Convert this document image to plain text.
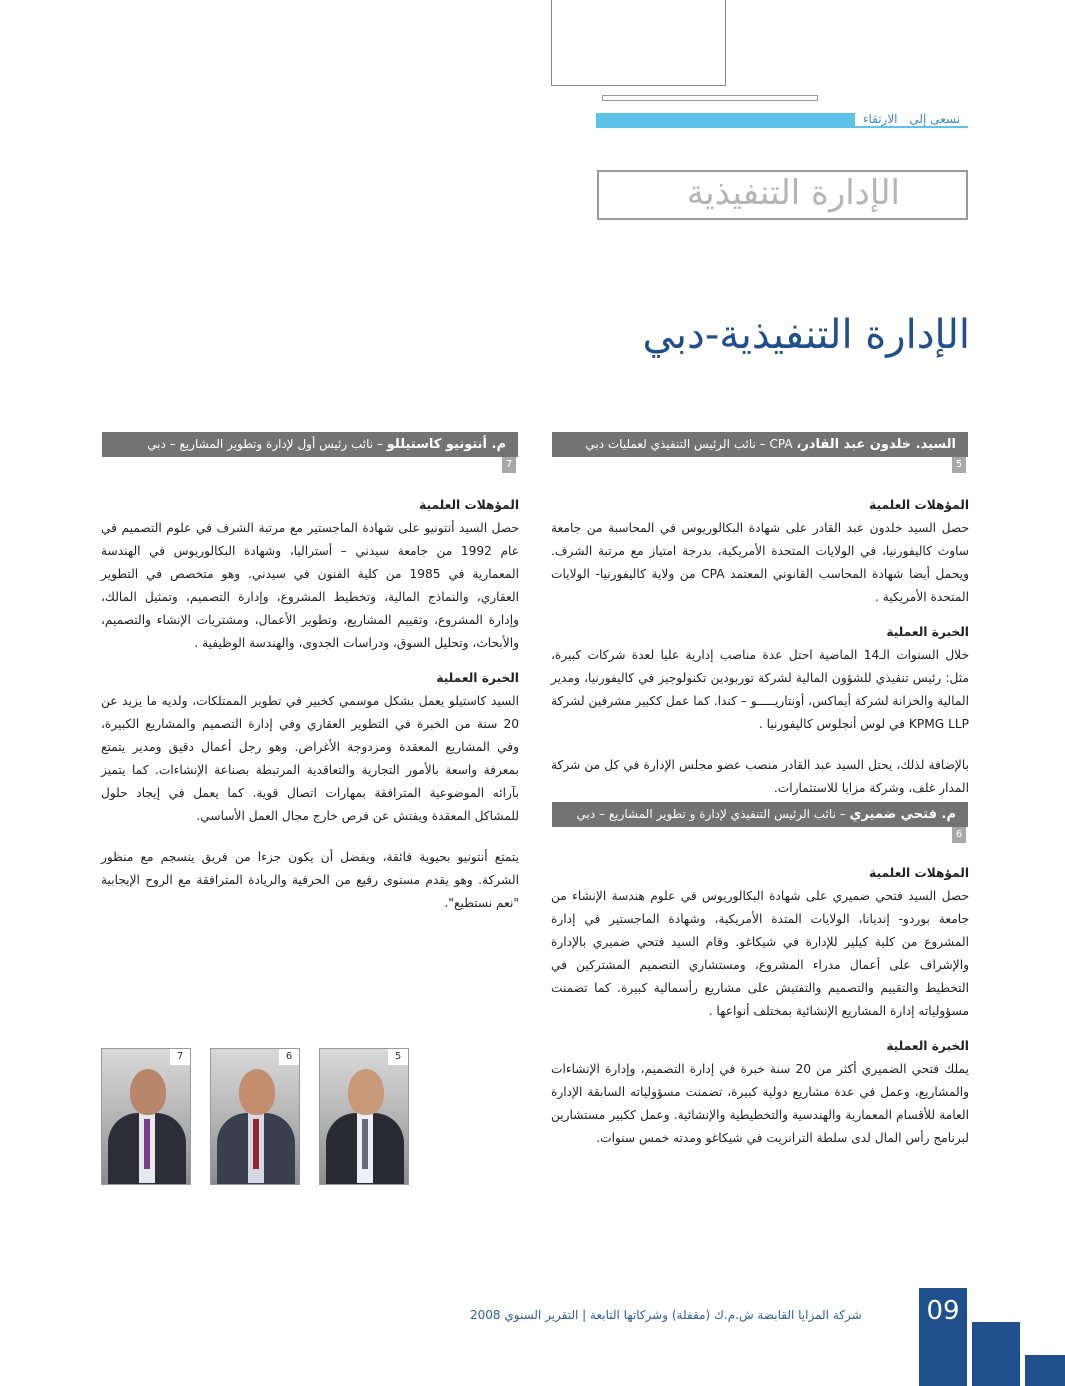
نسعى إلى الارتقاء
الإدارة التنفيذية
الإدارة التنفيذية-دبي
السيد. خلدون عبد القادر، CPA – نائب الرئيس التنفيذي لعمليات دبي
5
المؤهلات العلمية

حصل السيد خلدون عبد القادر على شهادة البكالوريوس في المحاسبة من جامعة ساوث كاليفورنيا، في الولايات المتحدة الأمريكية، بدرجة امتياز مع مرتبة الشرف. ويحمل أيضا شهادة المحاسب القانوني المعتمد CPA من ولاية كاليفورنيا- الولايات المتحدة الأمريكية .

الخبرة العملية

خلال السنوات الـ14 الماضية احتل عدة مناصب إدارية عليا لعدة شركات كبيرة، مثل: رئيس تنفيذي للشؤون المالية لشركة توربودين تكنولوجيز في كاليفورنيا، ومدير المالية والخزانة لشركة أيماكس، أونتاريـــــو – كندا. كما عمل ككبير مشرفين لشركة KPMG LLP في لوس أنجلوس كاليفورنيا .

بالإضافة لذلك، يحتل السيد عبد القادر منصب عضو مجلس الإدارة في كل من شركة المدار غلف، وشركة مزايا للاستثمارات.

م. فتحي ضميري – نائب الرئيس التنفيذي لإدارة و تطوير المشاريع – دبي
6
المؤهلات العلمية

حصل السيد فتحي ضميري على شهادة البكالوريوس في علوم هندسة الإنشاء من جامعة بوردو- إنديانا، الولايات المتدة الأمريكية، وشهادة الماجستير في إدارة المشروع من كلية كيلير للإدارة في شيكاغو. وقام السيد فتحي ضميري بالإدارة والإشراف على أعمال مدراء المشروع، ومستشاري التصميم المشتركين في التخطيط والتقييم والتصميم والتفتيش على مشاريع رأسمالية كبيرة. كما تضمنت مسؤولياته إدارة المشاريع الإنشائية بمختلف أنواعها .

الخبرة العملية

يملك فتحي الضميري أكثر من 20 سنة خبرة في إدارة التصميم، وإدارة الإنشاءات والمشاريع، وعمل في عدة مشاريع دولية كبيرة، تضمنت مسؤولياته السابقة الإدارة العامة للأقسام المعمارية والهندسية والتخطيطية والإنشائية. وعمل ككبير مستشارين لبرنامج رأس المال لدى سلطة الترانزيت في شيكاغو ومدته خمس سنوات.

م. أنتونيو كاستيللو – نائب رئيس أول لإدارة وتطوير المشاريع – دبي
7
المؤهلات العلمية

حصل السيد أنتونيو على شهادة الماجستير مع مرتبة الشرف في علوم التصميم في عام 1992 من جامعة سيدني – أستراليا، وشهادة البكالوريوس في الهندسة المعمارية في 1985 من كلية الفنون في سيدني. وهو متخصص في التطوير العقاري، والنماذج المالية، وتخطيط المشروع، وإدارة التصميم، وتمثيل المالك، وإدارة المشروع، وتقييم المشاريع، وتطوير الأعمال، ومشتريات الإنشاء والتصميم، والأبحاث، وتحليل السوق، ودراسات الجدوى، والهندسة الوظيفية .

الخبرة العملية

السيد كاستيلو يعمل بشكل موسمي كخبير في تطوير الممتلكات، ولديه ما يزيد عن 20 سنة من الخبرة في التطوير العقاري وفي إدارة التصميم والمشاريع الكبيرة، وفي المشاريع المعقدة ومزدوجة الأغراض. وهو رجل أعمال دقيق ومدير يتمتع بمعرفة واسعة بالأمور التجارية والتعاقدية المرتبطة بصناعة الإنشاءات. كما يتميز بآرائه الموضوعية المترافقة بمهارات اتصال قوية. كما يعمل في إيجاد حلول للمشاكل المعقدة ويفتش عن فرص خارج مجال العمل الأساسي.

يتمتع أنتونيو بحيوية فائقة، ويفضل أن يكون جزءا من فريق ينسجم مع منظور الشركة. وهو يقدم مستوى رفيع من الحرفية والريادة المترافقة مع الروح الإيجابية "نعم نستطيع".

7	6	5
شركة المزايا القابضة ش.م.ك (مقفلة) وشركاتها التابعة | التقرير السنوي 2008	09
